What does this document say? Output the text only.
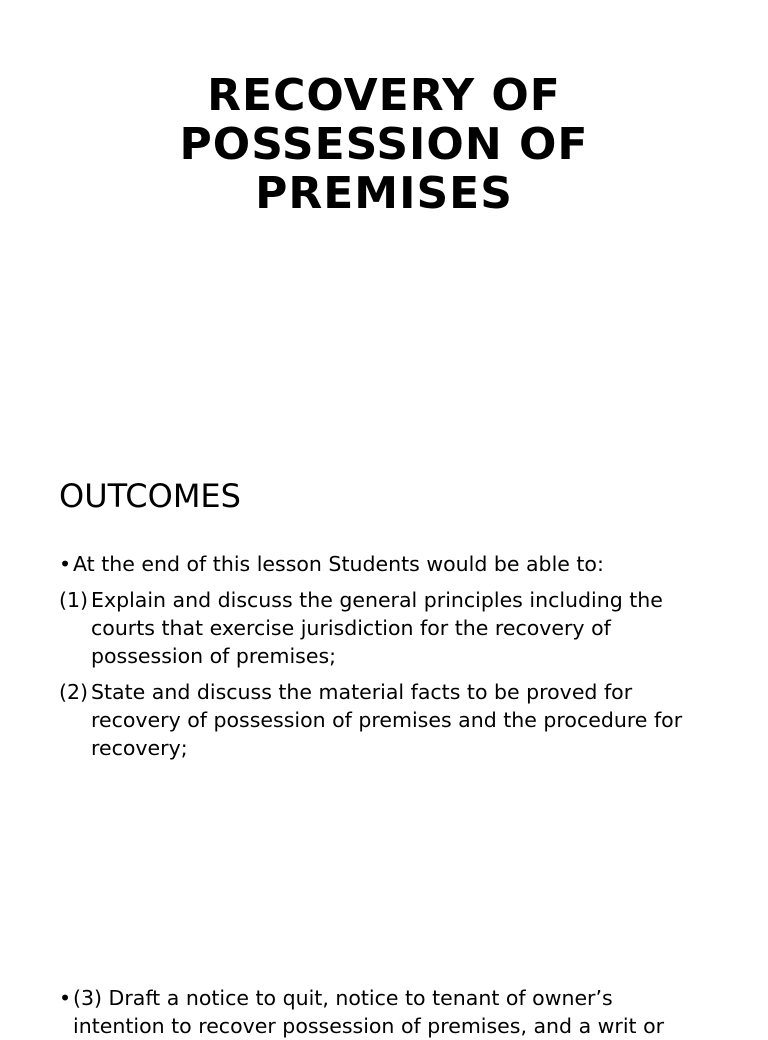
RECOVERY OF
POSSESSION OF
PREMISES
OUTCOMES
• At the end of this lesson Students would be able to:
(1) Explain and discuss the general principles including the courts that exercise jurisdiction for the recovery of possession of premises;
(2) State and discuss the material facts to be proved for recovery of possession of premises and the procedure for recovery;
• (3) Draft a notice to quit, notice to tenant of owner’s intention to recover possession of premises, and a writ or
